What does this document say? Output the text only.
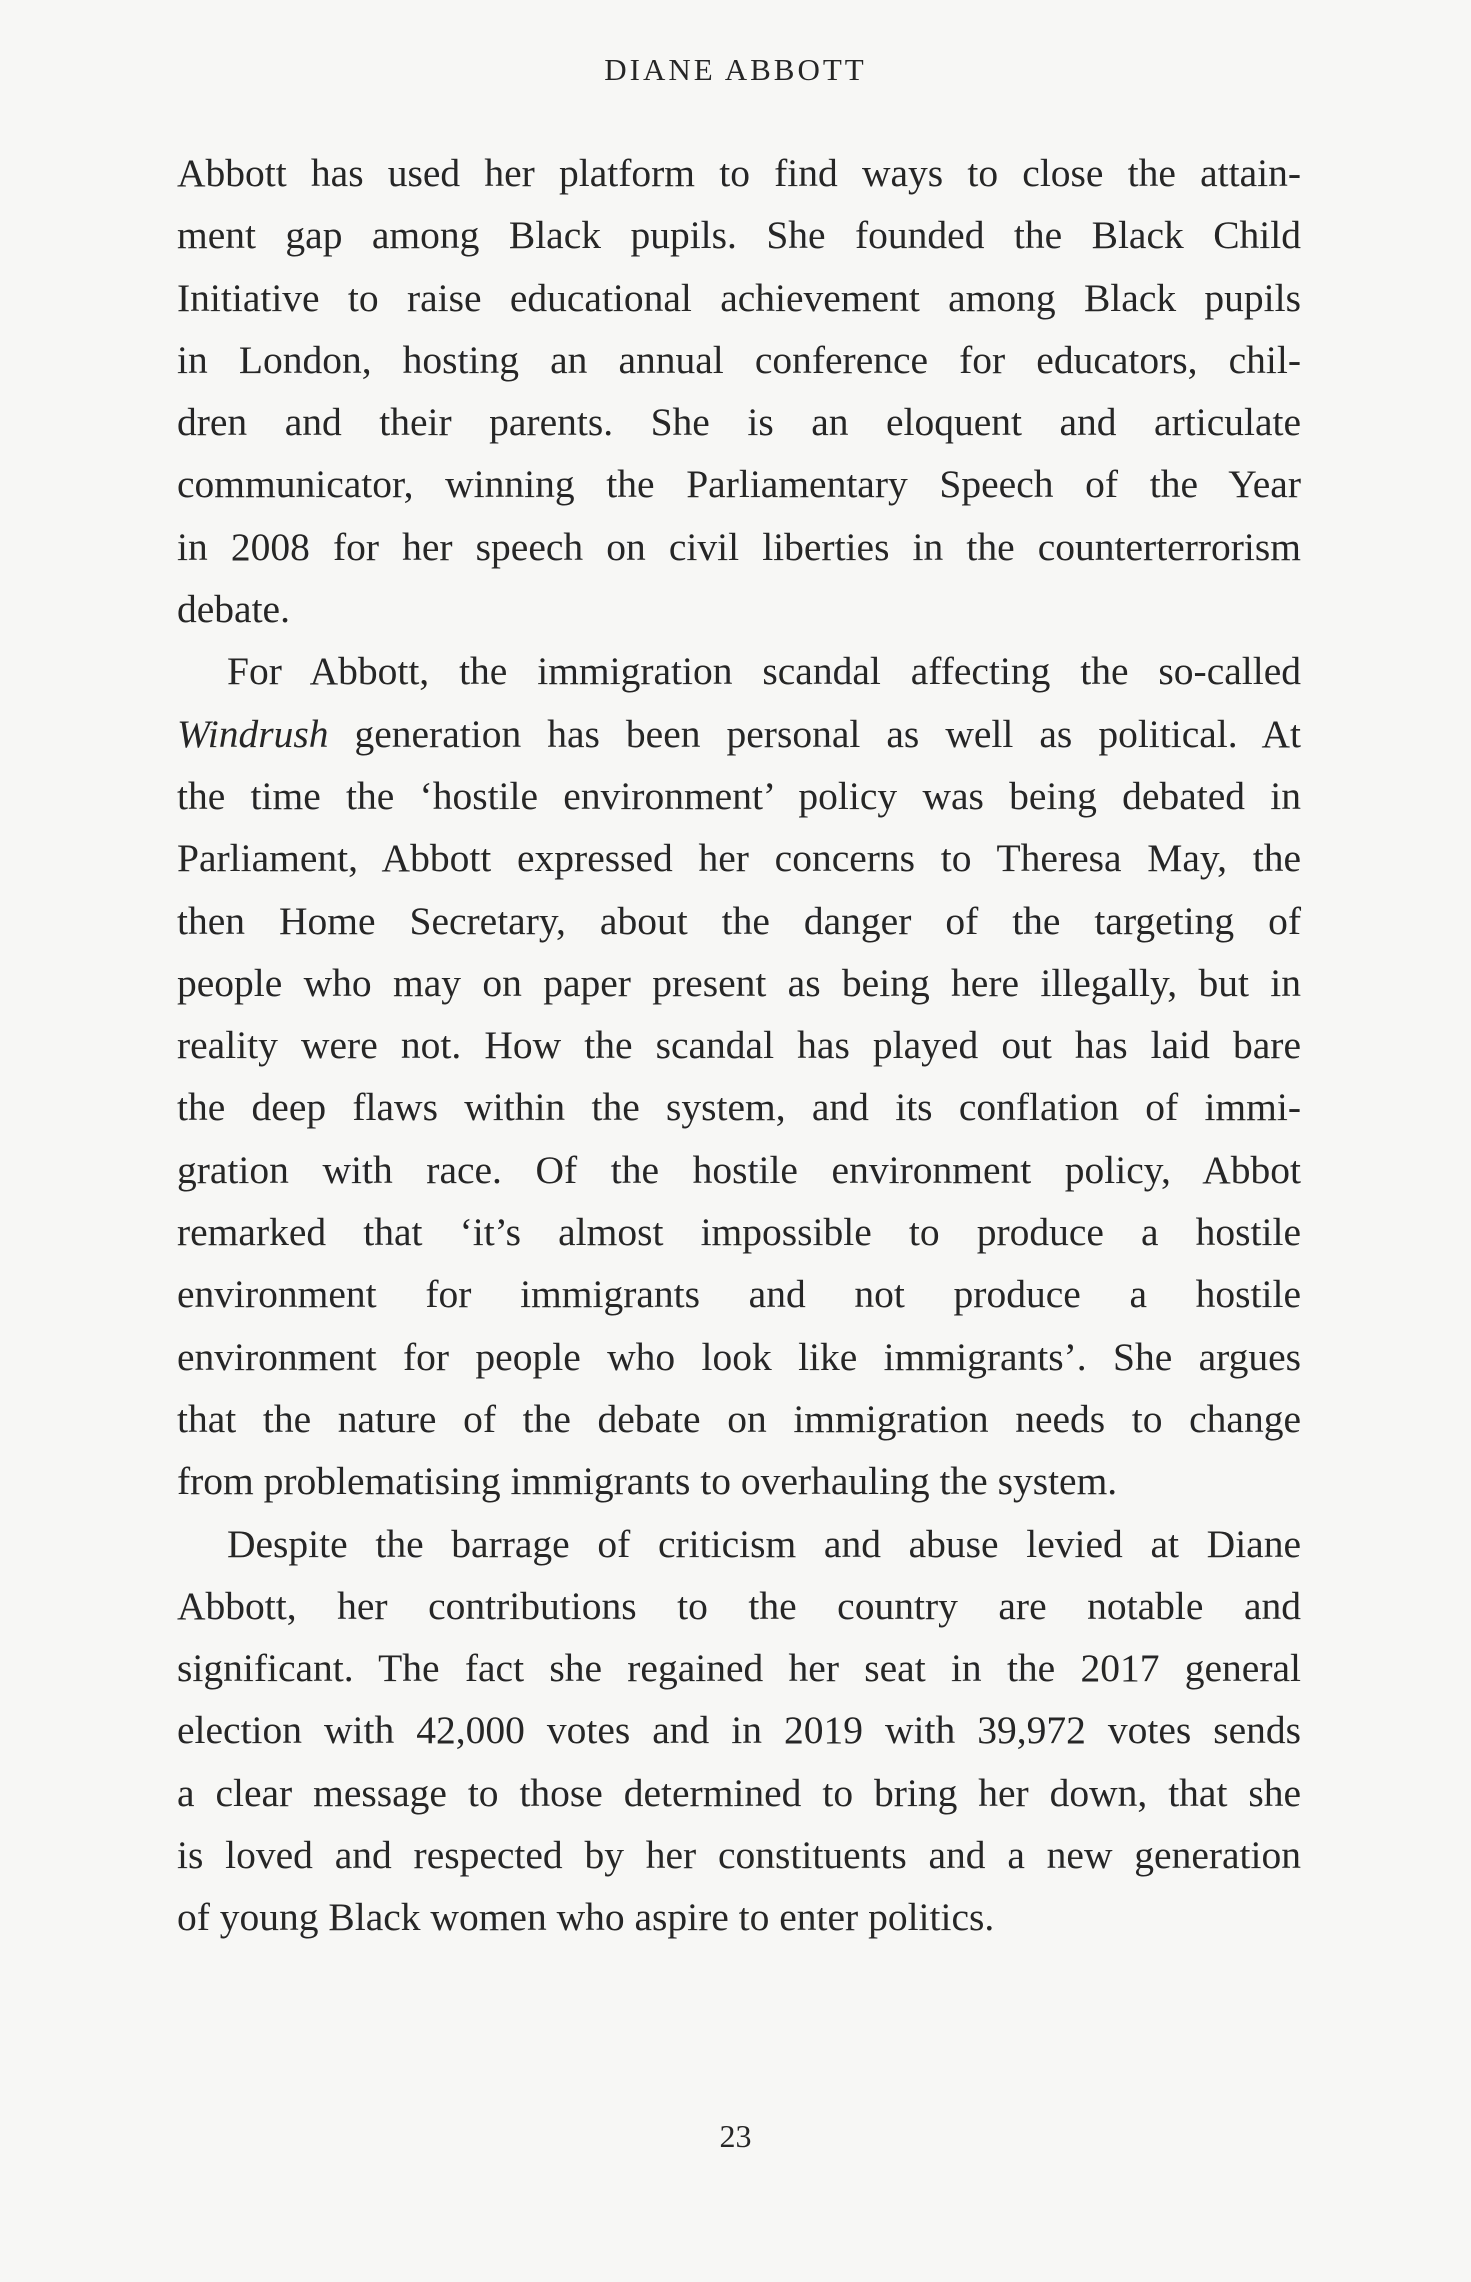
DIANE ABBOTT
Abbott has used her platform to find ways to close the attain-
ment gap among Black pupils. She founded the Black Child
Initiative to raise educational achievement among Black pupils
in London, hosting an annual conference for educators, chil-
dren and their parents. She is an eloquent and articulate
communicator, winning the Parliamentary Speech of the Year
in 2008 for her speech on civil liberties in the counterterrorism
debate.
For Abbott, the immigration scandal affecting the so-called
Windrush generation has been personal as well as political. At
the time the ‘hostile environment’ policy was being debated in
Parliament, Abbott expressed her concerns to Theresa May, the
then Home Secretary, about the danger of the targeting of
people who may on paper present as being here illegally, but in
reality were not. How the scandal has played out has laid bare
the deep flaws within the system, and its conflation of immi-
gration with race. Of the hostile environment policy, Abbot
remarked that ‘it’s almost impossible to produce a hostile
environment for immigrants and not produce a hostile
environment for people who look like immigrants’. She argues
that the nature of the debate on immigration needs to change
from problematising immigrants to overhauling the system.
Despite the barrage of criticism and abuse levied at Diane
Abbott, her contributions to the country are notable and
significant. The fact she regained her seat in the 2017 general
election with 42,000 votes and in 2019 with 39,972 votes sends
a clear message to those determined to bring her down, that she
is loved and respected by her constituents and a new generation
of young Black women who aspire to enter politics.
23
